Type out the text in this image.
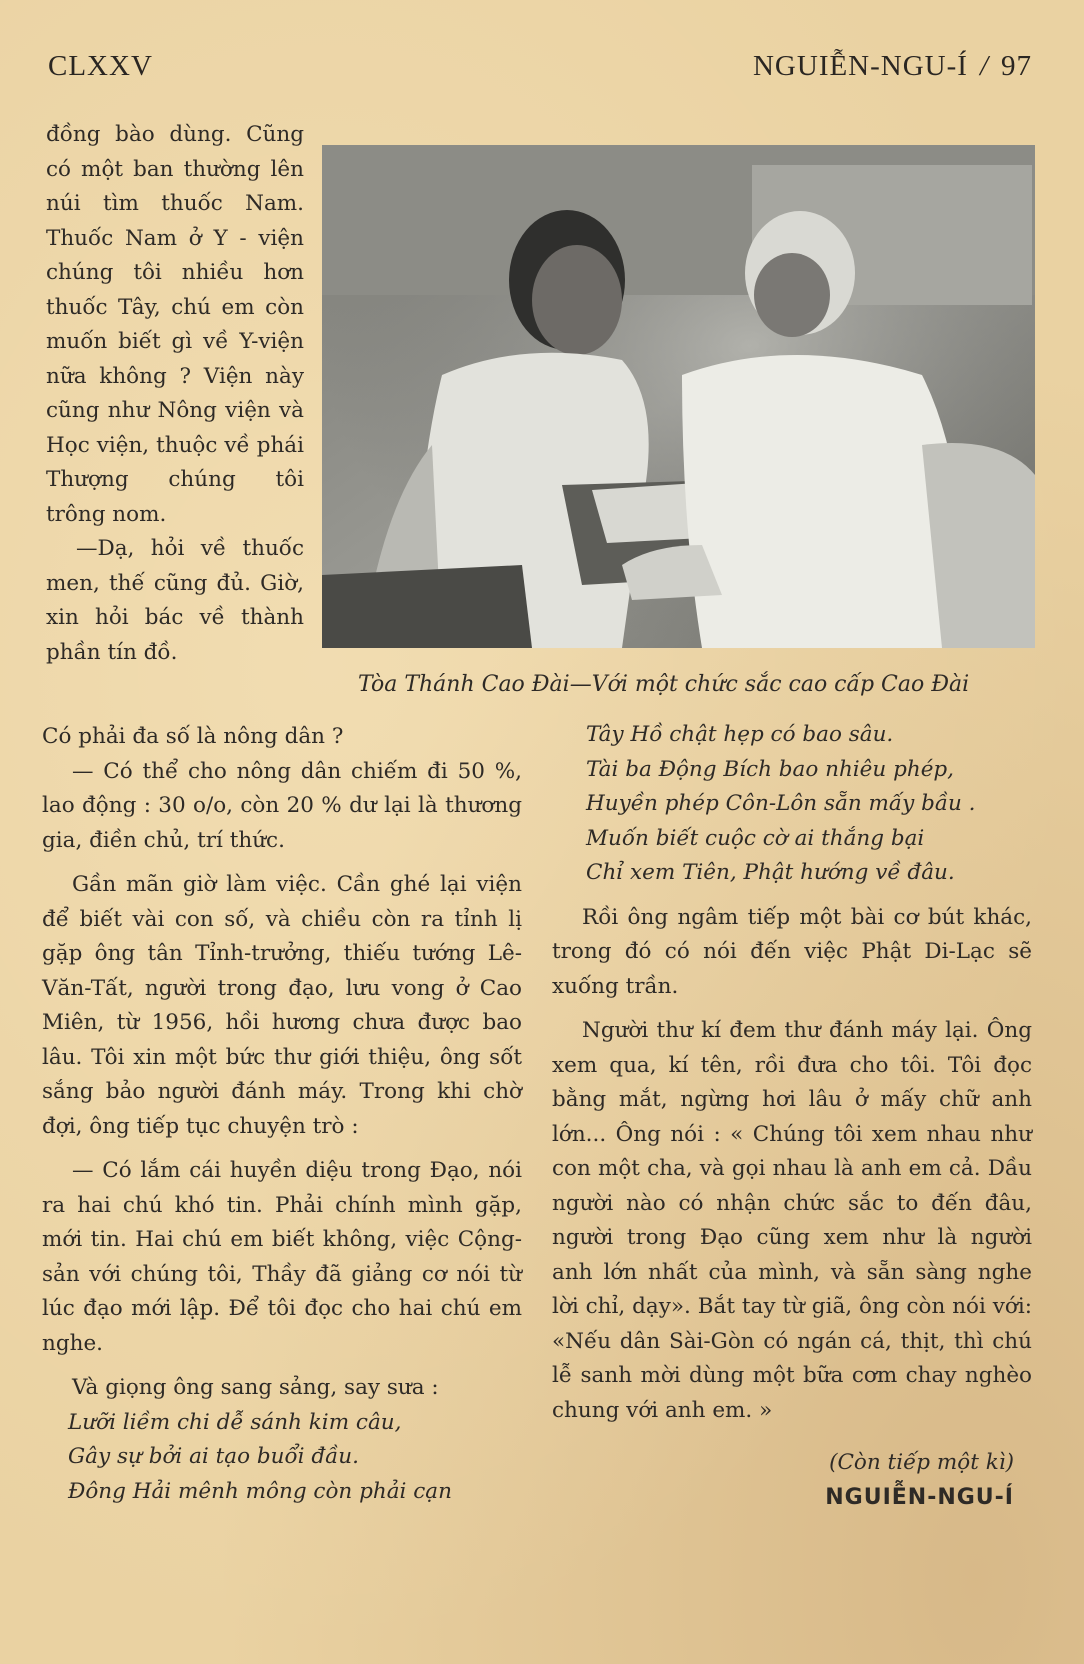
CLXXV	NGUIỄN-NGU-Í / 97

đồng bào dùng. Cũng có một ban thường lên núi tìm thuốc Nam. Thuốc Nam ở Y - viện chúng tôi nhiều hơn thuốc Tây, chú em còn muốn biết gì về Y-viện nữa không ? Viện này cũng như Nông viện và Học viện, thuộc về phái Thượng chúng tôi trông nom.

—Dạ, hỏi về thuốc men, thế cũng đủ. Giờ, xin hỏi bác về thành phần tín đồ.

Tòa Thánh Cao Đài—Với một chức sắc cao cấp Cao Đài

Có phải đa số là nông dân ?

— Có thể cho nông dân chiếm đi 50 %, lao động : 30 o/o, còn 20 % dư lại là thương gia, điền chủ, trí thức.

Gần mãn giờ làm việc. Cần ghé lại viện để biết vài con số, và chiều còn ra tỉnh lị gặp ông tân Tỉnh-trưởng, thiếu tướng Lê-Văn-Tất, người trong đạo, lưu vong ở Cao Miên, từ 1956, hồi hương chưa được bao lâu. Tôi xin một bức thư giới thiệu, ông sốt sắng bảo người đánh máy. Trong khi chờ đợi, ông tiếp tục chuyện trò :

— Có lắm cái huyền diệu trong Đạo, nói ra hai chú khó tin. Phải chính mình gặp, mới tin. Hai chú em biết không, việc Cộng-sản với chúng tôi, Thầy đã giảng cơ nói từ lúc đạo mới lập. Để tôi đọc cho hai chú em nghe.

Và giọng ông sang sảng, say sưa :

Lưỡi liềm chi dễ sánh kim câu,

Gây sự bởi ai tạo buổi đầu.

Đông Hải mênh mông còn phải cạn

Tây Hồ chật hẹp có bao sâu.

Tài ba Động Bích bao nhiêu phép,

Huyền phép Côn-Lôn sẵn mấy bầu .

Muốn biết cuộc cờ ai thắng bại

Chỉ xem Tiên, Phật hướng về đâu.

Rồi ông ngâm tiếp một bài cơ bút khác, trong đó có nói đến việc Phật Di-Lạc sẽ xuống trần.

Người thư kí đem thư đánh máy lại. Ông xem qua, kí tên, rồi đưa cho tôi. Tôi đọc bằng mắt, ngừng hơi lâu ở mấy chữ anh lớn... Ông nói : « Chúng tôi xem nhau như con một cha, và gọi nhau là anh em cả. Dầu người nào có nhận chức sắc to đến đâu, người trong Đạo cũng xem như là người anh lớn nhất của mình, và sẵn sàng nghe lời chỉ, dạy». Bắt tay từ giã, ông còn nói với: «Nếu dân Sài-Gòn có ngán cá, thịt, thì chú lễ sanh mời dùng một bữa cơm chay nghèo chung với anh em. »

(Còn tiếp một kì)

NGUIỄN-NGU-Í
